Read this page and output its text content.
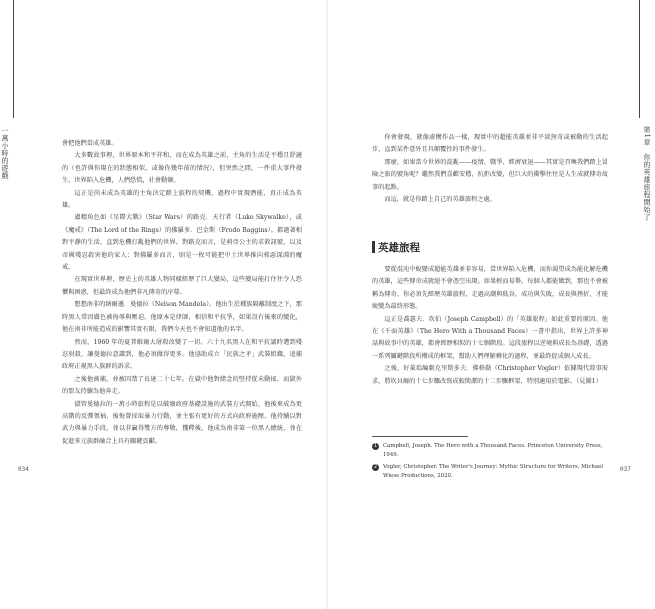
一萬小時的遊戲	會把他們當成英雄。

大多數故事裡，世界原本和平祥和，而在成為英雄之前，主角的生活是平穩且舒適的（也許與你現在的狀態相似，或像你幾年前的情況），但突然之間，一件重大事件發生，世界陷入危機，人們恐慌，社會動盪。

這正是尚未成為英雄的主角決定踏上旅程的契機，過程中實現潛能，真正成為英雄。

盧精角色如《星際大戰》（Star Wars）的路克．天行者（Luke Skywalke），或《魔戒》（The Lord of the Rings）的佛羅多．巴金斯（Frodo Baggins）。都過著相對平靜的生活，直到危機打亂他們的世界。對路克而言，是莉亞公主的求救訊號，以及帝國殘忍殺害他的家人；對佛羅多而言，則是一枚可能把中土世界推向邪惡深淵的魔戒。

在現實世界裡，歷史上的英雄人物同樣經歷了巨大變局，這些變局能打住往令人恐懼與困惑，但最終成為他們非凡傳奇的序幕。

想想南非的納爾遜．曼德拉（Nelson Mandela）。他出生於種族隔離制度之下，那時黑人常因膚色被侮辱與壓迫。他原本是律師，相信和平抗爭，如果沒有後來的變化，他在南非所能造成的影響其實有限，我們今天也不會知道他的名字。

然而，1960 年的夏普維爾大屠殺改變了一切。六十九名黑人在和平抗議時遭到殘忍射殺，讓曼德拉意識到，他必須做得更多。他協助成立「民族之矛」武裝組織，追捕政府正視黑人族群的訴求。

之後他被捕，並被囚禁了長達二十七年。在獄中他對緒念的堅持從未動搖，而獄外的盟友持續為他奔走。

儘管曼德拉的一萬小時旅程是以破壞政府基礎設施的武裝方式開始，他後來成為更高階的反彈領袖，後悔曾採取暴力行動，並主張有更好的方式向政府施壓。他持續以對武力與暴力手段，並以非贏得雙方的尊敬，獲釋後，他成為南非第一位黑人總統，並在促進多元族群融合上具有關鍵貢獻。

034
第1章　你的英雄旅程開始了

你會發現，就像虛構作品一樣，現實中的超能英雄並非平淡無奇或被動的生活起步，直到某件意外且具顛覆性的事件發生。

那麼，如果當今世界的混亂——疫情、戰爭、經濟衰退——其實是召喚我們踏上冒險之旅的號角呢？繼然我們喜歡安穩，抗拒改變，但巨大的衝擊往往是人生成就傳奇故事的起點。

而這，就是你踏上自己的英雄旅程之處。

英雄旅程

要從混沌中蛻變成超能英雄並非容易，當世界陷入危機，而你渴望成為能化解危機的英雄，這些傳奇成就絕不會憑空出現。如果輕而易舉，每個人都能做到，那也不會被稱為傳奇。你必須先經歷英雄旅程，走過高潮與低谷，成功與失敗，成長與挫折，才能蛻變為最終形態。

這正是喬瑟夫．坎伯（Joseph Campbell）的「英雄旅程」如此重要的原因。他在《千面英雄》（The Hero With a Thousand Faces）一書中指出，世界上許多神話與故事中的英雄，都會經歷相似的十七個階段。這段旅程以逆境與成長為基礎，透過一系列關鍵階段所構成的框架，幫助人們理解轉化的過程，並最終促成個人成長。

之後，好萊塢編劇克里斯多夫．佛格勒（Christopher Vogler）依據現代敘事需求，將坎貝爾的十七步驟改寫成較簡潔的十二步驟框架，特別適用於電影。（見圖1）

1	Campbell, Joseph. The Hero with a Thousand Faces. Princeton University Press, 1949.
2	Vogler, Christopher. The Writer's Journey: Mythic Structure for Writers. Michael Wiese Productions, 2020.
037
